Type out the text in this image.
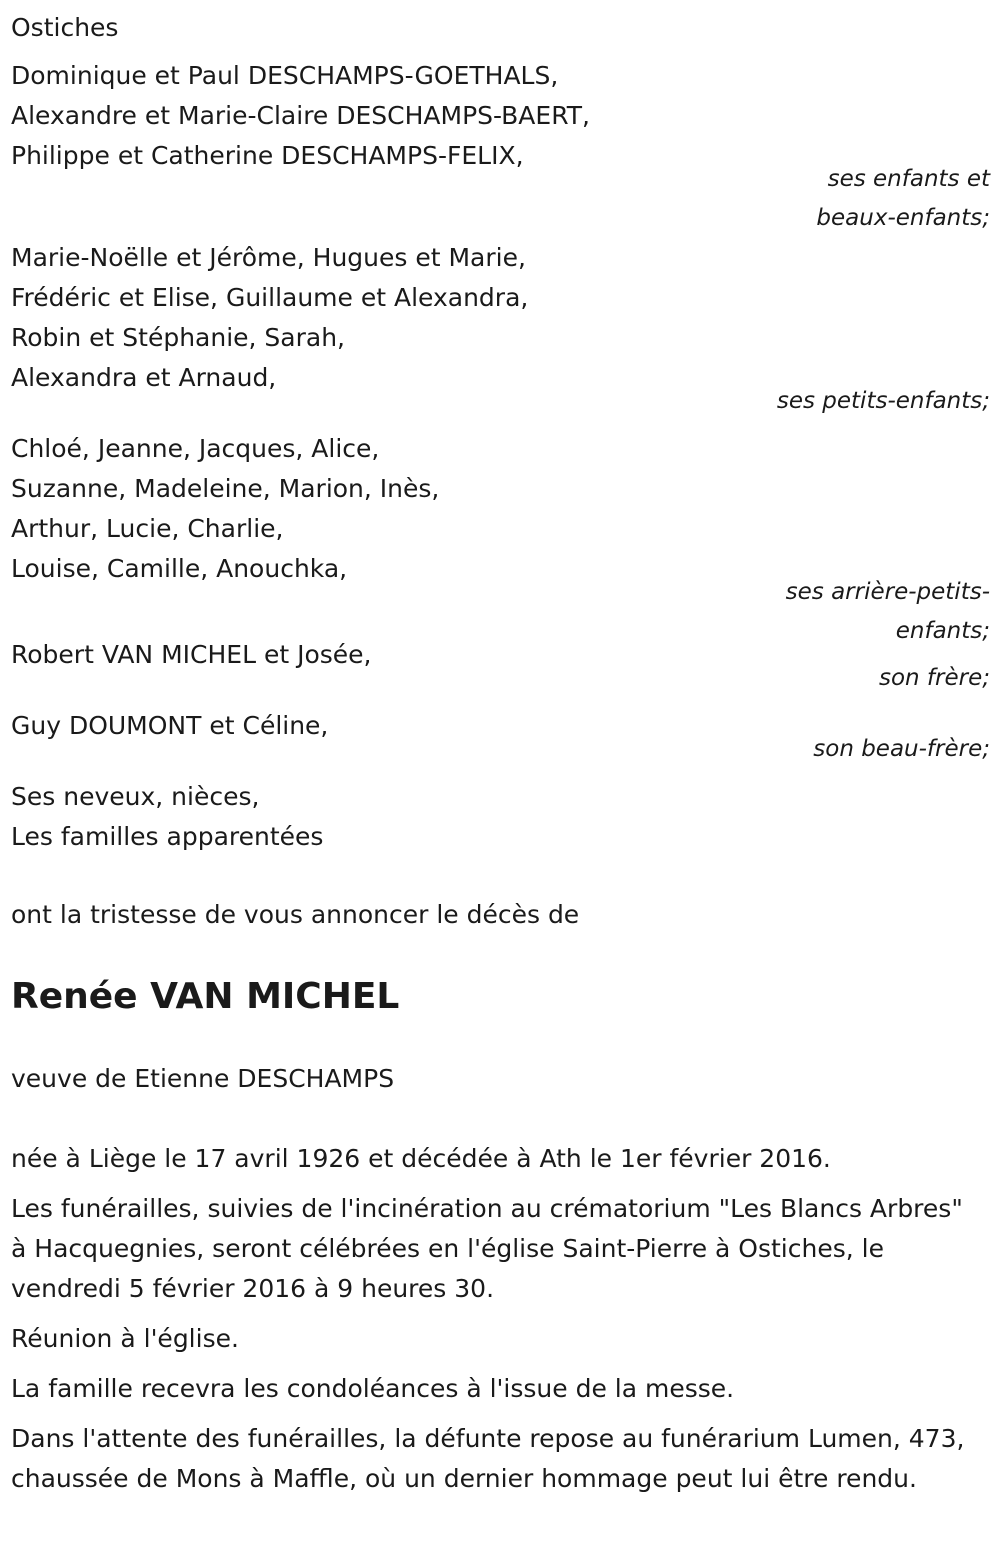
Ostiches
Dominique et Paul DESCHAMPS-GOETHALS,
Alexandre et Marie-Claire DESCHAMPS-BAERT,
Philippe et Catherine DESCHAMPS-FELIX,
ses enfants et
beaux-enfants;
Marie-Noëlle et Jérôme, Hugues et Marie,
Frédéric et Elise, Guillaume et Alexandra,
Robin et Stéphanie, Sarah,
Alexandra et Arnaud,
ses petits-enfants;
Chloé, Jeanne, Jacques, Alice,
Suzanne, Madeleine, Marion, Inès,
Arthur, Lucie, Charlie,
Louise, Camille, Anouchka,
ses arrière-petits-
enfants;
Robert VAN MICHEL et Josée,
son frère;
Guy DOUMONT et Céline,
son beau-frère;
Ses neveux, nièces,
Les familles apparentées
ont la tristesse de vous annoncer le décès de
Renée VAN MICHEL
veuve de Etienne DESCHAMPS
née à Liège le 17 avril 1926 et décédée à Ath le 1er février 2016.
Les funérailles, suivies de l'incinération au crématorium "Les Blancs Arbres" à Hacquegnies, seront célébrées en l'église Saint-Pierre à Ostiches, le vendredi 5 février 2016 à 9 heures 30.
Réunion à l'église.
La famille recevra les condoléances à l'issue de la messe.
Dans l'attente des funérailles, la défunte repose au funérarium Lumen, 473, chaussée de Mons à Maffle, où un dernier hommage peut lui être rendu.
